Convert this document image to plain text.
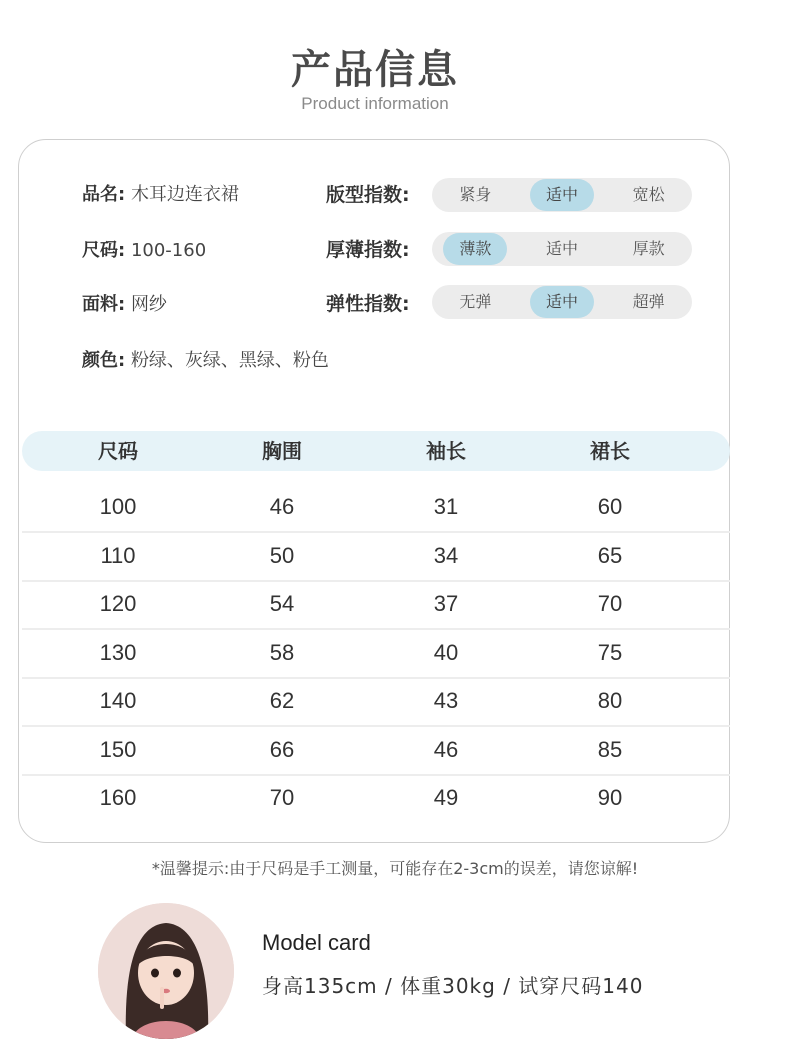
产品信息
Product information
品名: 木耳边连衣裙
尺码: 100-160
面料: 网纱
颜色: 粉绿、灰绿、黑绿、粉色
版型指数:	紧身	适中	宽松
厚薄指数:	薄款	适中	厚款
弹性指数:	无弹	适中	超弹
尺码	胸围	袖长	裙长
100	46	31	60
110	50	34	65
120	54	37	70
130	58	40	75
140	62	43	80
150	66	46	85
160	70	49	90
*温馨提示:由于尺码是手工测量，可能存在2-3cm的误差，请您谅解!
Model card
身高135cm / 体重30kg / 试穿尺码140
